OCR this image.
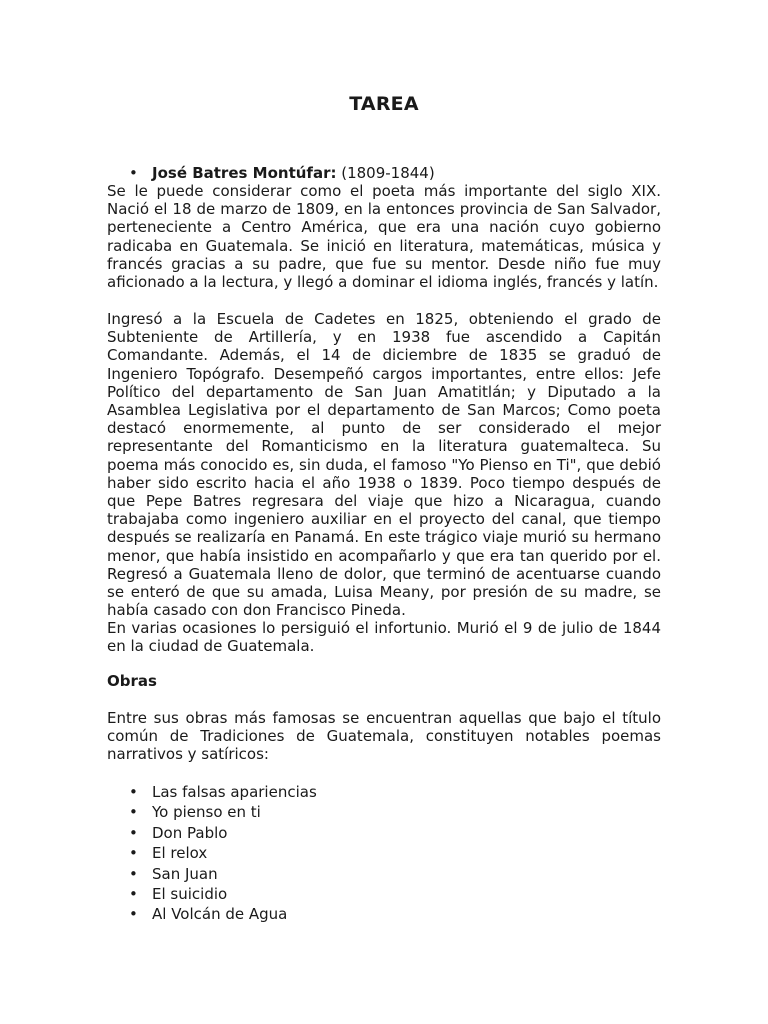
TAREA
• José Batres Montúfar: (1809-1844)

Se le puede considerar como el poeta más importante del siglo XIX. Nació el 18 de marzo de 1809, en la entonces provincia de San Salvador, perteneciente a Centro América, que era una nación cuyo gobierno radicaba en Guatemala. Se inició en literatura, matemáticas, música y francés gracias a su padre, que fue su mentor. Desde niño fue muy aficionado a la lectura, y llegó a dominar el idioma inglés, francés y latín.

Ingresó a la Escuela de Cadetes en 1825, obteniendo el grado de Subteniente de Artillería, y en 1938 fue ascendido a Capitán Comandante. Además, el 14 de diciembre de 1835 se graduó de Ingeniero Topógrafo. Desempeñó cargos importantes, entre ellos: Jefe Político del departamento de San Juan Amatitlán; y Diputado a la Asamblea Legislativa por el departamento de San Marcos; Como poeta destacó enormemente, al punto de ser considerado el mejor representante del Romanticismo en la literatura guatemalteca. Su poema más conocido es, sin duda, el famoso "Yo Pienso en Ti", que debió haber sido escrito hacia el año 1938 o 1839. Poco tiempo después de que Pepe Batres regresara del viaje que hizo a Nicaragua, cuando trabajaba como ingeniero auxiliar en el proyecto del canal, que tiempo después se realizaría en Panamá. En este trágico viaje murió su hermano menor, que había insistido en acompañarlo y que era tan querido por el. Regresó a Guatemala lleno de dolor, que terminó de acentuarse cuando se enteró de que su amada, Luisa Meany, por presión de su madre, se había casado con don Francisco Pineda.

En varias ocasiones lo persiguió el infortunio. Murió el 9 de julio de 1844 en la ciudad de Guatemala.

Obras

Entre sus obras más famosas se encuentran aquellas que bajo el título común de Tradiciones de Guatemala, constituyen notables poemas narrativos y satíricos:

• Las falsas apariencias
• Yo pienso en ti
• Don Pablo
• El relox
• San Juan
• El suicidio
• Al Volcán de Agua
